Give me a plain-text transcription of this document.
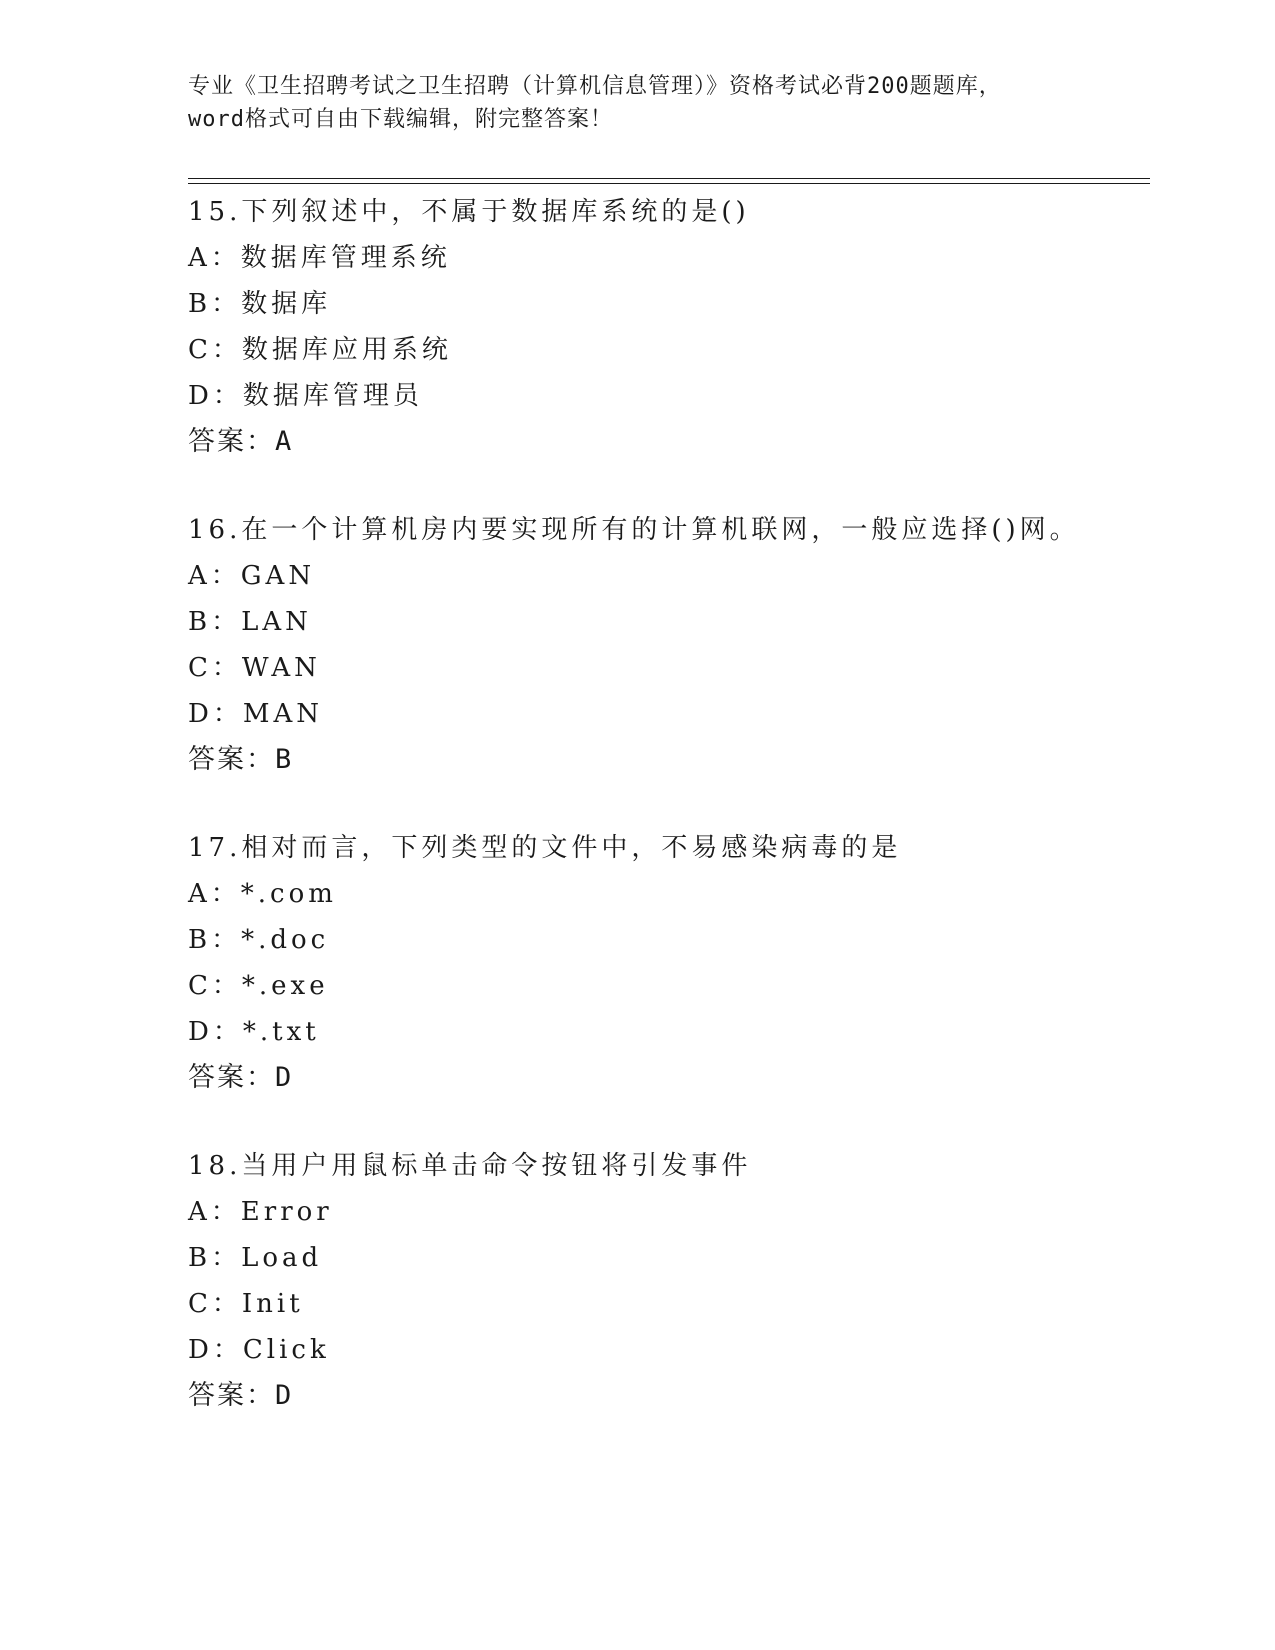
专业《卫生招聘考试之卫生招聘（计算机信息管理）》资格考试必背200题题库，
word格式可自由下载编辑，附完整答案！
15.下列叙述中，不属于数据库系统的是()
A：数据库管理系统
B：数据库
C：数据库应用系统
D：数据库管理员
答案：A
16.在一个计算机房内要实现所有的计算机联网，一般应选择()网。
A：GAN
B：LAN
C：WAN
D：MAN
答案：B
17.相对而言，下列类型的文件中，不易感染病毒的是
A：*.com
B：*.doc
C：*.exe
D：*.txt
答案：D
18.当用户用鼠标单击命令按钮将引发事件
A：Error
B：Load
C：Init
D：Click
答案：D
